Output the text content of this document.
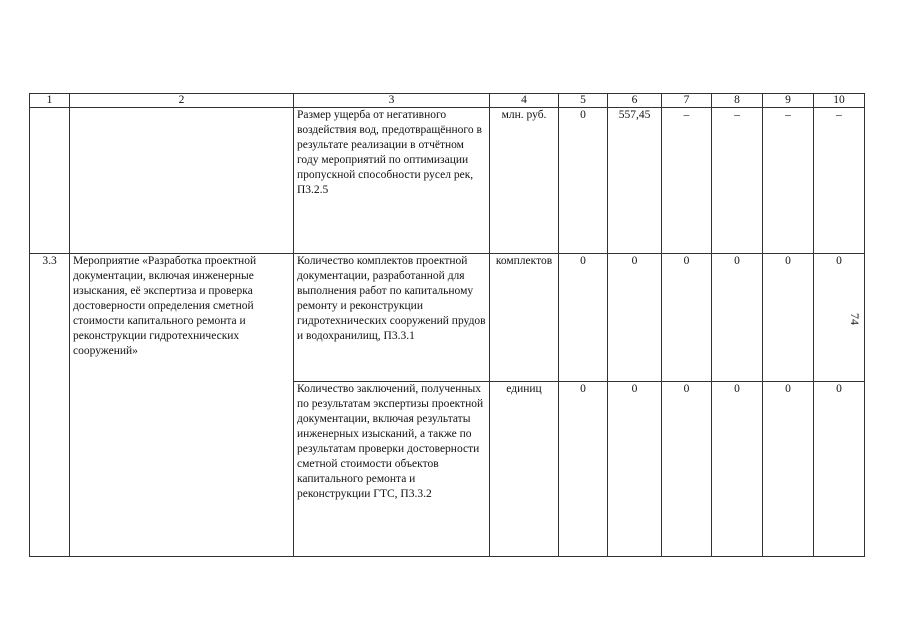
1	2	3	4	5	6	7	8	9	10
		Размер ущерба от негативного воздействия вод, предотвращённого в результате реализации в отчётном году мероприятий по оптимизации пропускной способности русел рек, П3.2.5	млн. руб.	0	557,45	–	–	–	–
3.3	Мероприятие «Разработка проектной документации, включая инженерные изыскания, её экспертиза и проверка достоверности определения сметной стоимости капитального ремонта и реконструкции гидротехнических сооружений»	Количество комплектов проектной документации, разработанной для выполнения работ по капитальному ремонту и реконструкции гидротехнических сооружений прудов и водохранилищ, П3.3.1	комплектов	0	0	0	0	0	0
		Количество заключений, полученных по результатам экспертизы проектной документации, включая результаты инженерных изысканий, а также по результатам проверки достоверности сметной стоимости объектов капитального ремонта и реконструкции ГТС, П3.3.2	единиц	0	0	0	0	0	0
74
